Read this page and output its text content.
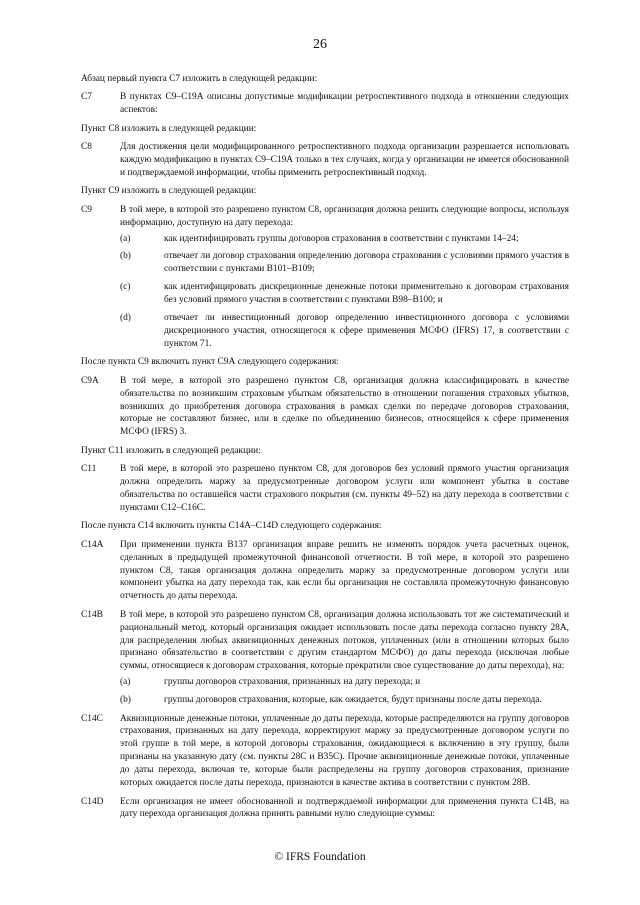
26
Абзац первый пункта С7 изложить в следующей редакции:
С7	В пунктах С9–С19А описаны допустимые модификации ретроспективного подхода в отношении следующих аспектов:
Пункт С8 изложить в следующей редакции:
С8	Для достижения цели модифицированного ретроспективного подхода организации разрешается использовать каждую модификацию в пунктах С9–С19А только в тех случаях, когда у организации не имеется обоснованной и подтверждаемой информации, чтобы применить ретроспективный подход.
Пункт С9 изложить в следующей редакции:
С9	В той мере, в которой это разрешено пунктом С8, организация должна решить следующие вопросы, используя информацию, доступную на дату перехода:
(a)	как идентифицировать группы договоров страхования в соответствии с пунктами 14–24;
(b)	отвечает ли договор страхования определению договора страхования с условиями прямого участия в соответствии с пунктами В101–В109;
(c)	как идентифицировать дискреционные денежные потоки применительно к договорам страхования без условий прямого участия в соответствии с пунктами В98–В100; и
(d)	отвечает ли инвестиционный договор определению инвестиционного договора с условиями дискреционного участия, относящегося к сфере применения МСФО (IFRS) 17, в соответствии с пунктом 71.
После пункта С9 включить пункт С9А следующего содержания:
С9А В той мере, в которой это разрешено пунктом С8, организация должна классифицировать в качестве обязательства по возникшим страховым убыткам обязательство в отношении погашения страховых убытков, возникших до приобретения договора страхования в рамках сделки по передаче договоров страхования, которые не составляют бизнес, или в сделке по объединению бизнесов, относящейся к сфере применения МСФО (IFRS) 3.
Пункт С11 изложить в следующей редакции:
С11	В той мере, в которой это разрешено пунктом С8, для договоров без условий прямого участия организация должна определить маржу за предусмотренные договором услуги или компонент убытка в составе обязательства по оставшейся части страхового покрытия (см. пункты 49–52) на дату перехода в соответствии с пунктами С12–С16С.
После пункта С14 включить пункты С14А–С14D следующего содержания:
С14А При применении пункта В137 организация вправе решить не изменять порядок учета расчетных оценок, сделанных в предыдущей промежуточной финансовой отчетности. В той мере, в которой это разрешено пунктом С8, такая организация должна определить маржу за предусмотренные договором услуги или компонент убытка на дату перехода так, как если бы организация не составляла промежуточную финансовую отчетность до даты перехода.
С14В В той мере, в которой это разрешено пунктом С8, организация должна использовать тот же систематический и рациональный метод, который организация ожидает использовать после даты перехода согласно пункту 28А, для распределения любых аквизиционных денежных потоков, уплаченных (или в отношении которых было признано обязательство в соответствии с другим стандартом МСФО) до даты перехода (исключая любые суммы, относящиеся к договорам страхования, которые прекратили свое существование до даты перехода), на:
(a)	группы договоров страхования, признанных на дату перехода; и
(b)	группы договоров страхования, которые, как ожидается, будут признаны после даты перехода.
С14С Аквизиционные денежные потоки, уплаченные до даты перехода, которые распределяются на группу договоров страхования, признанных на дату перехода, корректируют маржу за предусмотренные договором услуги по этой группе в той мере, в которой договоры страхования, ожидающиеся к включению в эту группу, были признаны на указанную дату (см. пункты 28С и В35С). Прочие аквизиционные денежные потоки, уплаченные до даты перехода, включая те, которые были распределены на группу договоров страхования, признание которых ожидается после даты перехода, признаются в качестве актива в соответствии с пунктом 28В.
С14D Если организация не имеет обоснованной и подтверждаемой информации для применения пункта С14В, на дату перехода организация должна принять равными нулю следующие суммы:
© IFRS Foundation
